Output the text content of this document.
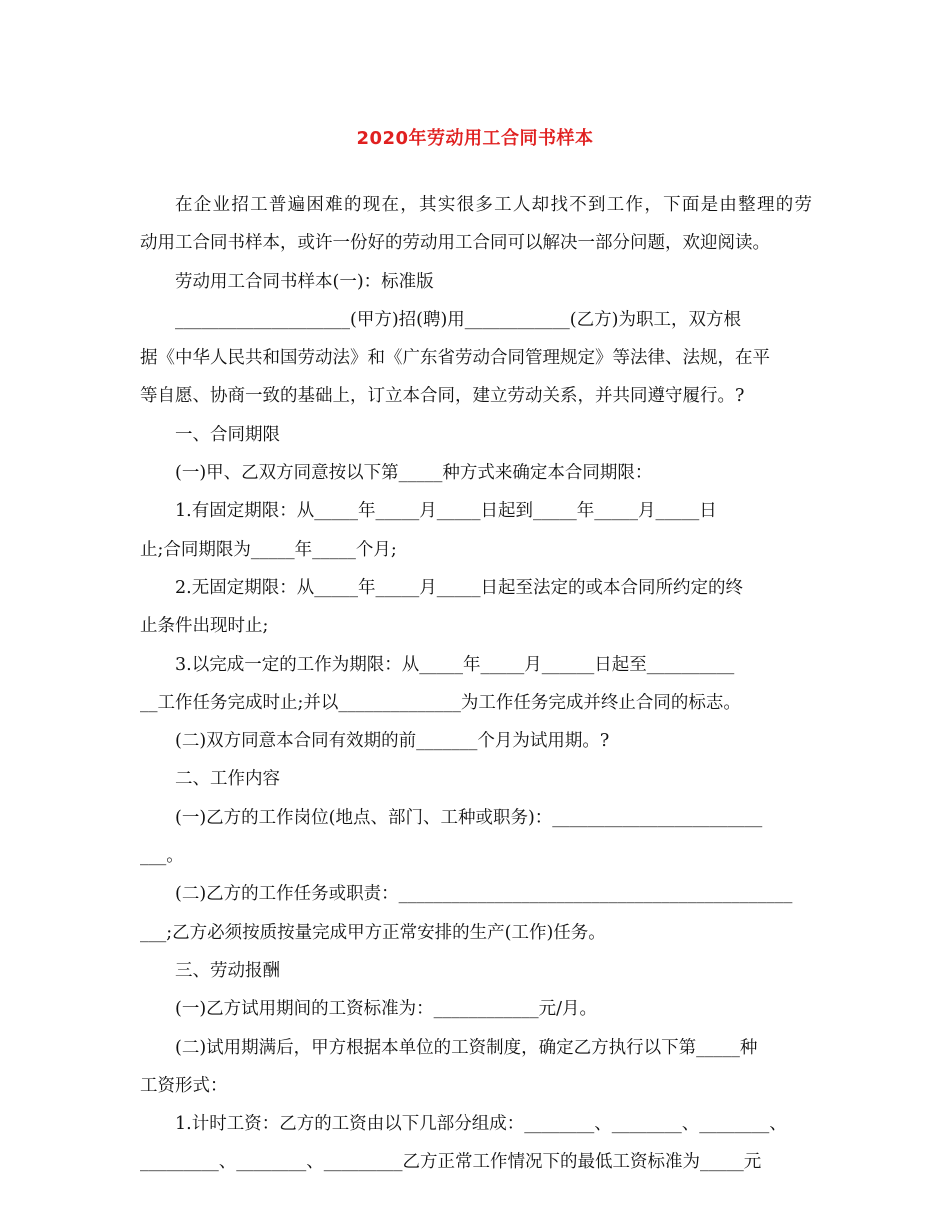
2020年劳动用工合同书样本
在企业招工普遍困难的现在，其实很多工人却找不到工作，下面是由整理的劳
动用工合同书样本，或许一份好的劳动用工合同可以解决一部分问题，欢迎阅读。
劳动用工合同书样本(一)：标准版
____________________(甲方)招(聘)用____________(乙方)为职工，双方根
据《中华人民共和国劳动法》和《广东省劳动合同管理规定》等法律、法规，在平
等自愿、协商一致的基础上，订立本合同，建立劳动关系，并共同遵守履行。?
一、合同期限
(一)甲、乙双方同意按以下第_____种方式来确定本合同期限：
1.有固定期限：从_____年_____月_____日起到_____年_____月_____日
止;合同期限为_____年_____个月;
2.无固定期限：从_____年_____月_____日起至法定的或本合同所约定的终
止条件出现时止;
3.以完成一定的工作为期限：从_____年_____月______日起至__________
__工作任务完成时止;并以______________为工作任务完成并终止合同的标志。
(二)双方同意本合同有效期的前_______个月为试用期。?
二、工作内容
(一)乙方的工作岗位(地点、部门、工种或职务)：________________________
___。
(二)乙方的工作任务或职责：_____________________________________________
___;乙方必须按质按量完成甲方正常安排的生产(工作)任务。
三、劳动报酬
(一)乙方试用期间的工资标准为：____________元/月。
(二)试用期满后，甲方根据本单位的工资制度，确定乙方执行以下第_____种
工资形式：
1.计时工资：乙方的工资由以下几部分组成：________、________、________、
_________、________、_________乙方正常工作情况下的最低工资标准为_____元
